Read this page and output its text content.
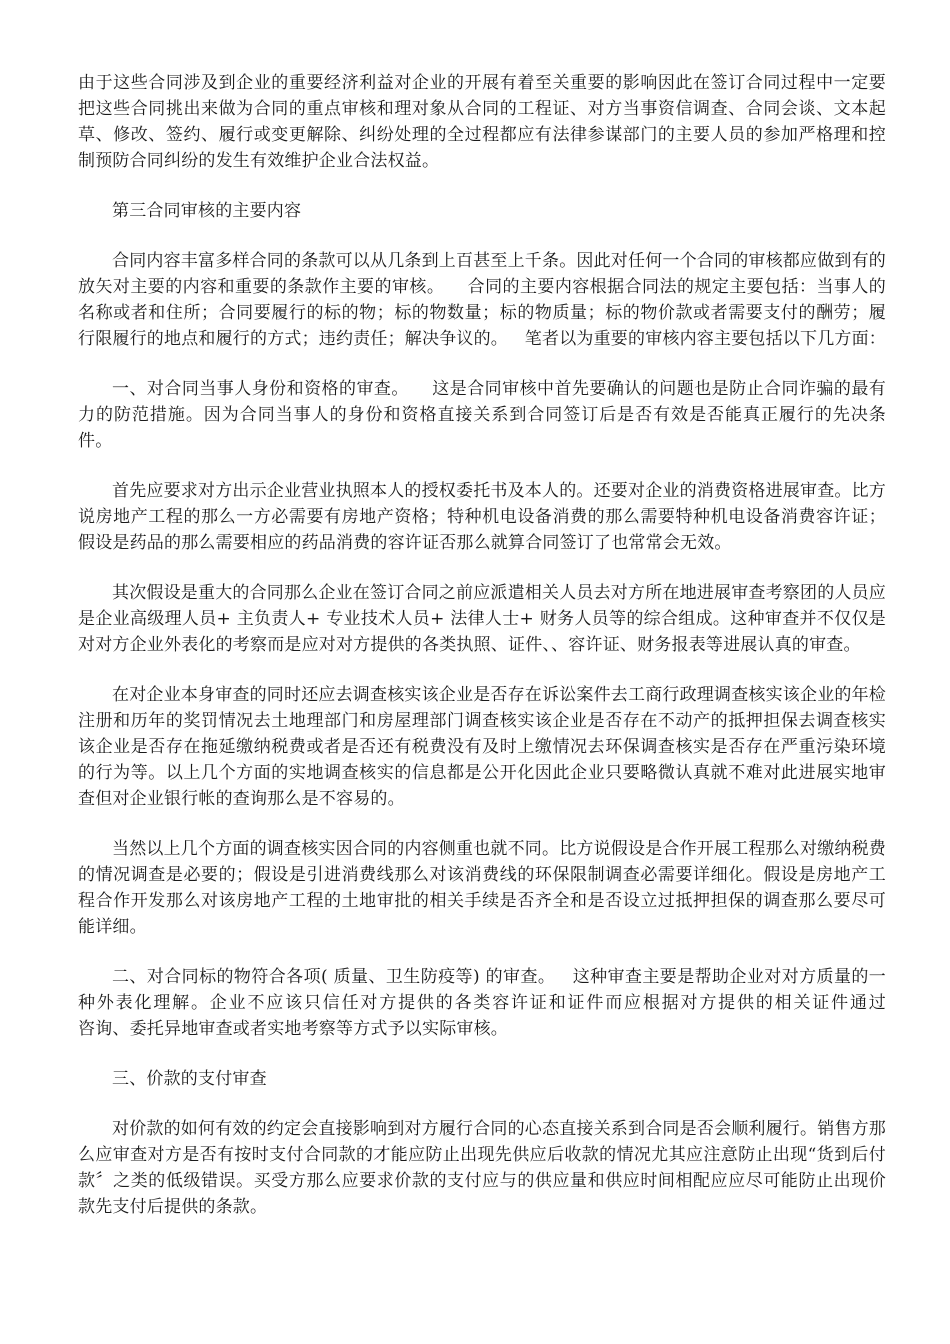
由于这些合同涉及到企业的重要经济利益对企业的开展有着至关重要的影响因此在签订合同过程中一定要把这些合同挑出来做为合同的重点审核和理对象从合同的工程证、对方当事资信调查、合同会谈、文本起草、修改、签约、履行或变更解除、纠纷处理的全过程都应有法律参谋部门的主要人员的参加严格理和控制预防合同纠纷的发生有效维护企业合法权益。

第三合同审核的主要内容

合同内容丰富多样合同的条款可以从几条到上百甚至上千条。因此对任何一个合同的审核都应做到有的放矢对主要的内容和重要的条款作主要的审核。    合同的主要内容根据合同法的规定主要包括：当事人的名称或者和住所；合同要履行的标的物；标的物数量；标的物质量；标的物价款或者需要支付的酬劳；履行限履行的地点和履行的方式；违约责任；解决争议的。   笔者以为重要的审核内容主要包括以下几方面：

一、对合同当事人身份和资格的审查。    这是合同审核中首先要确认的问题也是防止合同诈骗的最有力的防范措施。因为合同当事人的身份和资格直接关系到合同签订后是否有效是否能真正履行的先决条件。

首先应要求对方出示企业营业执照本人的授权委托书及本人的。还要对企业的消费资格进展审查。比方说房地产工程的那么一方必需要有房地产资格；特种机电设备消费的那么需要特种机电设备消费容许证；假设是药品的那么需要相应的药品消费的容许证否那么就算合同签订了也常常会无效。

其次假设是重大的合同那么企业在签订合同之前应派遣相关人员去对方所在地进展审查考察团的人员应是企业高级理人员+ 主负责人+ 专业技术人员+ 法律人士+ 财务人员等的综合组成。这种审查并不仅仅是对对方企业外表化的考察而是应对对方提供的各类执照、证件、、容许证、财务报表等进展认真的审查。

在对企业本身审查的同时还应去调查核实该企业是否存在诉讼案件去工商行政理调查核实该企业的年检注册和历年的奖罚情况去土地理部门和房屋理部门调查核实该企业是否存在不动产的抵押担保去调查核实该企业是否存在拖延缴纳税费或者是否还有税费没有及时上缴情况去环保调查核实是否存在严重污染环境的行为等。以上几个方面的实地调查核实的信息都是公开化因此企业只要略微认真就不难对此进展实地审查但对企业银行帐的查询那么是不容易的。

当然以上几个方面的调查核实因合同的内容侧重也就不同。比方说假设是合作开展工程那么对缴纳税费的情况调查是必要的；假设是引进消费线那么对该消费线的环保限制调查必需要详细化。假设是房地产工程合作开发那么对该房地产工程的土地审批的相关手续是否齐全和是否设立过抵押担保的调查那么要尽可能详细。

二、对合同标的物符合各项( 质量、卫生防疫等) 的审查。   这种审查主要是帮助企业对对方质量的一种外表化理解。企业不应该只信任对方提供的各类容许证和证件而应根据对方提供的相关证件通过          咨询、委托异地审查或者实地考察等方式予以实际审核。

三、价款的支付审查

对价款的如何有效的约定会直接影响到对方履行合同的心态直接关系到合同是否会顺利履行。销售方那么应审查对方是否有按时支付合同款的才能应防止出现先供应后收款的情况尤其应注意防止出现“货到后付款〞之类的低级错误。买受方那么应要求价款的支付应与的供应量和供应时间相配应应尽可能防止出现价款先支付后提供的条款。
